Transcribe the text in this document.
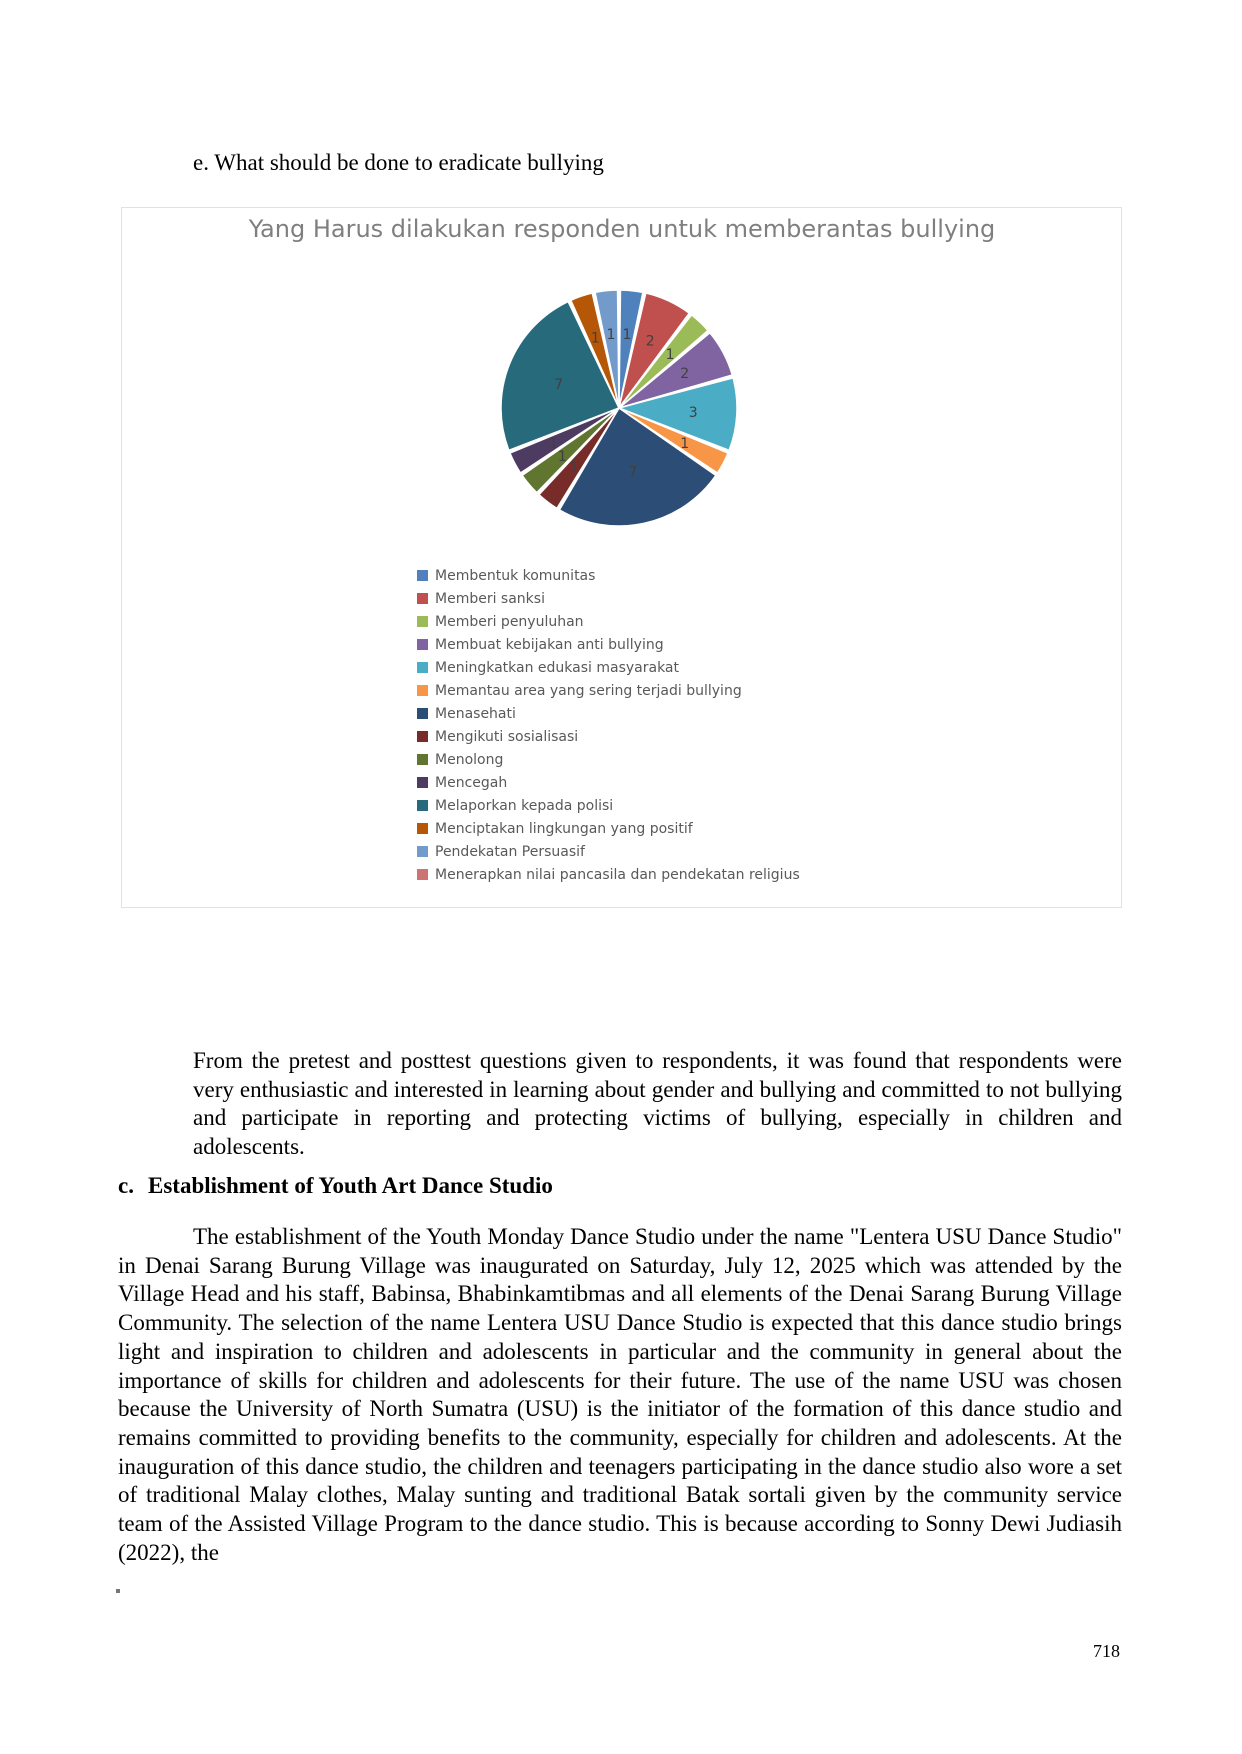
e. What should be done to eradicate bullying
Yang Harus dilakukan responden untuk memberantas bullying
1 2
1
2
3
1
7
1
1
1
7
1 1
Membentuk komunitas
Memberi sanksi
Memberi penyuluhan
Membuat kebijakan anti bullying
Meningkatkan edukasi masyarakat
Memantau area yang sering terjadi bullying
Menasehati
Mengikuti sosialisasi
Menolong
Mencegah
Melaporkan kepada polisi
Menciptakan lingkungan yang positif
Pendekatan Persuasif
Menerapkan nilai pancasila dan pendekatan religius

From the pretest and posttest questions given to respondents, it was found that respondents were very enthusiastic and interested in learning about gender and bullying and committed to not bullying and participate in reporting and protecting victims of bullying, especially in children and adolescents.

c. Establishment of Youth Art Dance Studio

The establishment of the Youth Monday Dance Studio under the name "Lentera USU Dance Studio" in Denai Sarang Burung Village was inaugurated on Saturday, July 12, 2025 which was attended by the Village Head and his staff, Babinsa, Bhabinkamtibmas and all elements of the Denai Sarang Burung Village Community. The selection of the name Lentera USU Dance Studio is expected that this dance studio brings light and inspiration to children and adolescents in particular and the community in general about the importance of skills for children and adolescents for their future. The use of the name USU was chosen because the University of North Sumatra (USU) is the initiator of the formation of this dance studio and remains committed to providing benefits to the community, especially for children and adolescents. At the inauguration of this dance studio, the children and teenagers participating in the dance studio also wore a set of traditional Malay clothes, Malay sunting and traditional Batak sortali given by the community service team of the Assisted Village Program to the dance studio. This is because according to Sonny Dewi Judiasih (2022), the

718
